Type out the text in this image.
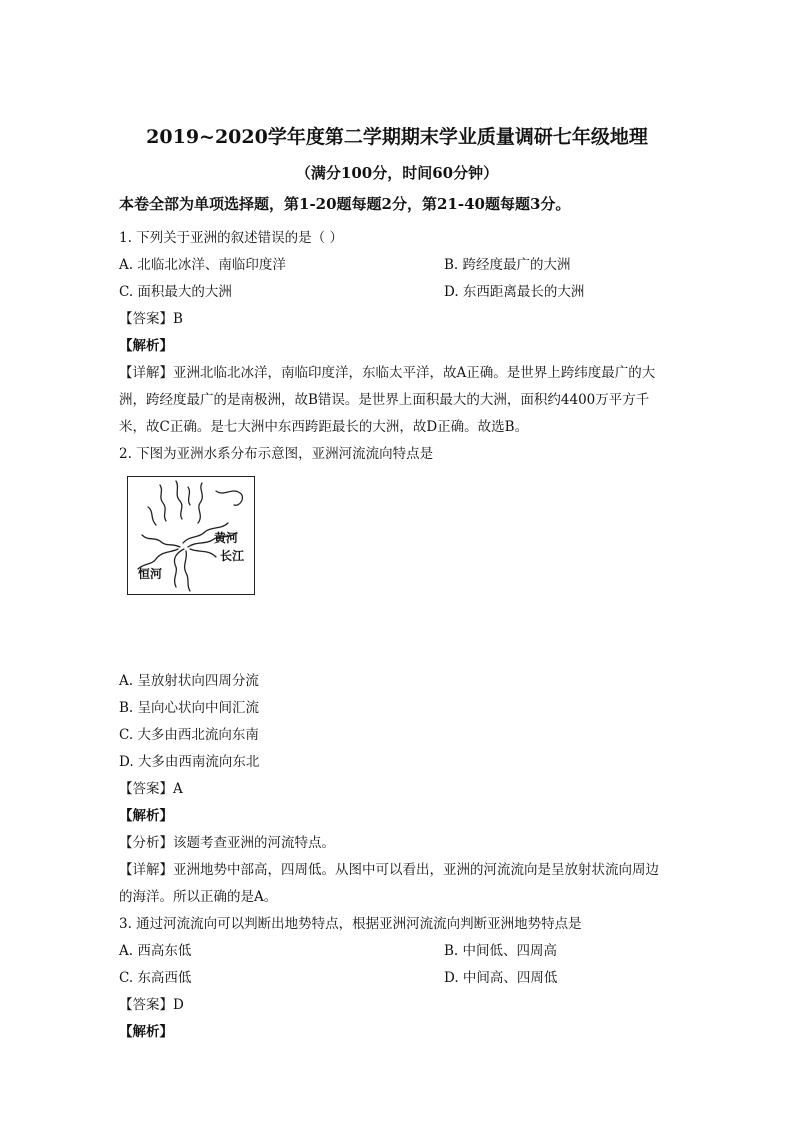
2019~2020学年度第二学期期末学业质量调研七年级地理
（满分100分，时间60分钟）
本卷全部为单项选择题，第1-20题每题2分，第21-40题每题3分。
1. 下列关于亚洲的叙述错误的是（ ）
A. 北临北冰洋、南临印度洋	B. 跨经度最广的大洲
C. 面积最大的大洲	D. 东西距离最长的大洲
【答案】B
【解析】
【详解】亚洲北临北冰洋，南临印度洋，东临太平洋，故A正确。是世界上跨纬度最广的大
洲，跨经度最广的是南极洲，故B错误。是世界上面积最大的大洲，面积约4400万平方千
米，故C正确。是七大洲中东西跨距最长的大洲，故D正确。故选B。
2. 下图为亚洲水系分布示意图，亚洲河流流向特点是
黄河
长江
恒河
A. 呈放射状向四周分流
B. 呈向心状向中间汇流
C. 大多由西北流向东南
D. 大多由西南流向东北
【答案】A
【解析】
【分析】该题考查亚洲的河流特点。
【详解】亚洲地势中部高，四周低。从图中可以看出，亚洲的河流流向是呈放射状流向周边
的海洋。所以正确的是A。
3. 通过河流流向可以判断出地势特点，根据亚洲河流流向判断亚洲地势特点是
A. 西高东低	B. 中间低、四周高
C. 东高西低	D. 中间高、四周低
【答案】D
【解析】
